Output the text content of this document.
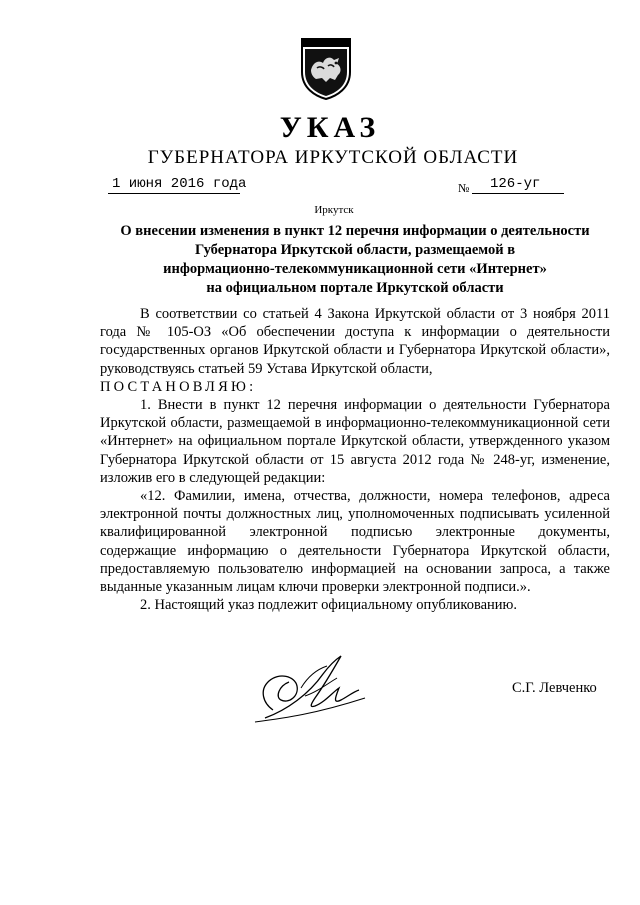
УКАЗ
ГУБЕРНАТОРА ИРКУТСКОЙ ОБЛАСТИ
1 июня 2016 года	№ 126-уг
Иркутск
О внесении изменения в пункт 12 перечня информации о деятельности
Губернатора Иркутской области, размещаемой в
информационно-телекоммуникационной сети «Интернет»
на официальном портале Иркутской области

В соответствии со статьей 4 Закона Иркутской области от 3 ноября 2011 года № 105-ОЗ «Об обеспечении доступа к информации о деятельности государственных органов Иркутской области и Губернатора Иркутской области», руководствуясь статьей 59 Устава Иркутской области,

ПОСТАНОВЛЯЮ:

1. Внести в пункт 12 перечня информации о деятельности Губернатора Иркутской области, размещаемой в информационно-телекоммуникационной сети «Интернет» на официальном портале Иркутской области, утвержденного указом Губернатора Иркутской области от 15 августа 2012 года № 248-уг, изменение, изложив его в следующей редакции:

«12. Фамилии, имена, отчества, должности, номера телефонов, адреса электронной почты должностных лиц, уполномоченных подписывать усиленной квалифицированной электронной подписью электронные документы, содержащие информацию о деятельности Губернатора Иркутской области, предоставляемую пользователю информацией на основании запроса, а также выданные указанным лицам ключи проверки электронной подписи.».

2. Настоящий указ подлежит официальному опубликованию.

С.Г. Левченко
